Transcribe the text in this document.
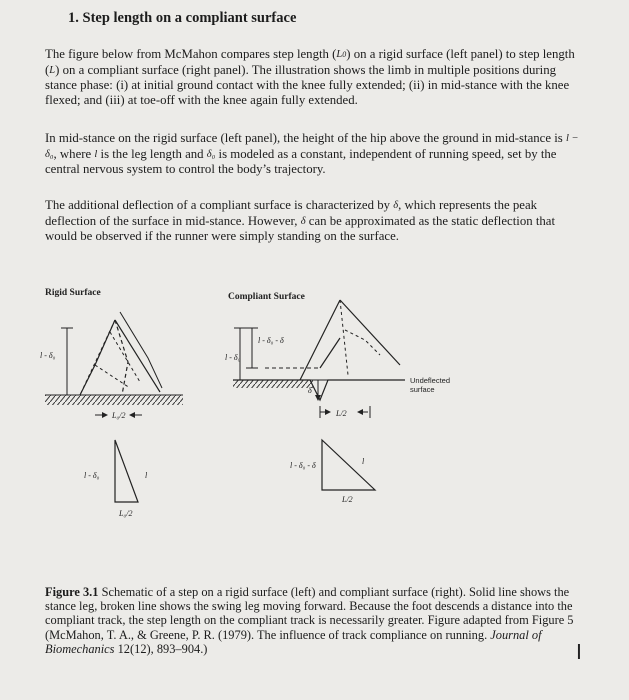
1. Step length on a compliant surface
The figure below from McMahon compares step length $(L_0)$ on a rigid surface (left panel) to step length (L) on a compliant surface (right panel). The illustration shows the limb in multiple positions during stance phase: (i) at initial ground contact with the knee fully extended; (ii) in mid-stance with the knee flexed; and (iii) at toe-off with the knee again fully extended.
In mid-stance on the rigid surface (left panel), the height of the hip above the ground in mid-stance is l − δ₀, where l is the leg length and δ₀ is modeled as a constant, independent of running speed, set by the central nervous system to control the body’s trajectory.
The additional deflection of a compliant surface is characterized by δ, which represents the peak deflection of the surface in mid-stance. However, δ can be approximated as the static deflection that would be observed if the runner were simply standing on the surface.
Rigid Surface	Compliant Surface
l - δ₀
L₀/2
l - δ₀ - δ
l - δ₀
δ
L/2
Undeflected
surface
l - δ₀	l
L₀/2
l - δ₀ - δ	l
L/2
Figure 3.1 Schematic of a step on a rigid surface (left) and compliant surface (right). Solid line shows the stance leg, broken line shows the swing leg moving forward. Because the foot descends a distance into the compliant track, the step length on the compliant track is necessarily greater. Figure adapted from Figure 5 (McMahon, T. A., & Greene, P. R. (1979). The influence of track compliance on running. Journal of Biomechanics 12(12), 893–904.)	I
